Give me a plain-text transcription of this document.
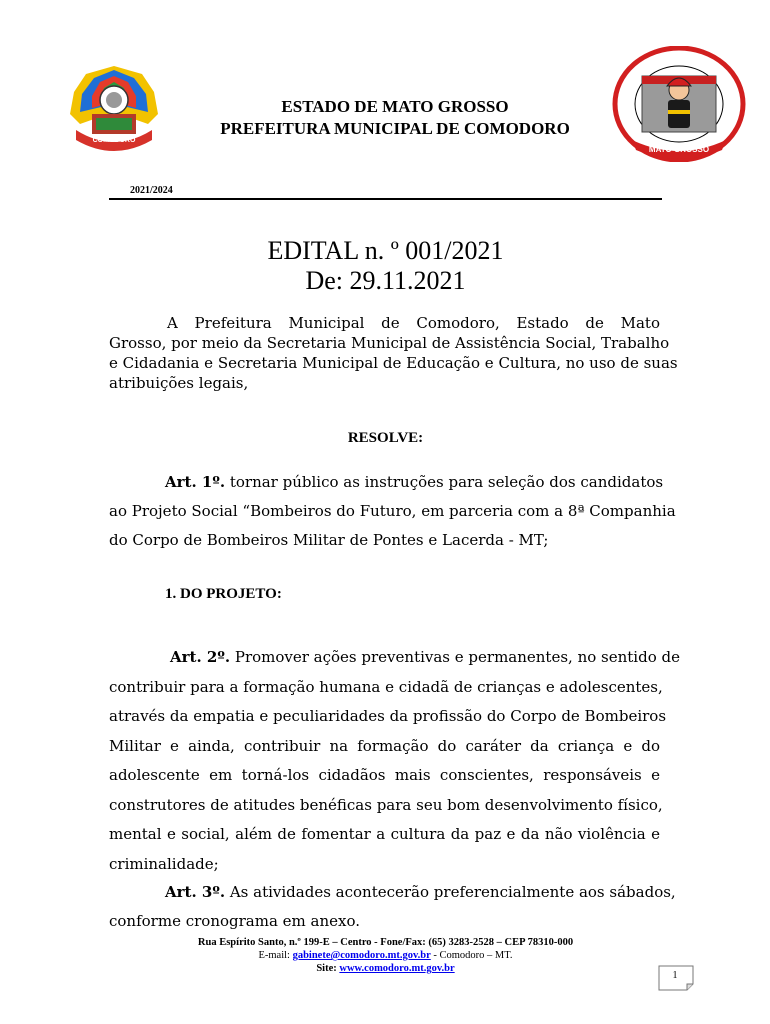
COMODORO
MATO GROSSO
ESTADO DE MATO GROSSO
PREFEITURA MUNICIPAL DE COMODORO
2021/2024
EDITAL n. º 001/2021
De: 29.11.2021
A Prefeitura Municipal de Comodoro, Estado de Mato
Grosso, por meio da Secretaria Municipal de Assistência Social, Trabalho
e Cidadania e Secretaria Municipal de Educação e Cultura, no uso de suas
atribuições legais,
RESOLVE:
Art. 1º. tornar público as instruções para seleção dos candidatos
ao Projeto Social “Bombeiros do Futuro, em parceria com a 8ª Companhia
do Corpo de Bombeiros Militar de Pontes e Lacerda - MT;
1. DO PROJETO:
Art. 2º. Promover ações preventivas e permanentes, no sentido de
contribuir para a formação humana e cidadã de crianças e adolescentes,
através da empatia e peculiaridades da profissão do Corpo de Bombeiros
Militar e ainda, contribuir na formação do caráter da criança e do
adolescente em torná-los cidadãos mais conscientes, responsáveis e
construtores de atitudes benéficas para seu bom desenvolvimento físico,
mental e social, além de fomentar a cultura da paz e da não violência e
criminalidade;
Art. 3º. As atividades acontecerão preferencialmente aos sábados,
conforme cronograma em anexo.
Rua Espírito Santo, n.º 199-E – Centro - Fone/Fax: (65) 3283-2528 – CEP 78310-000
E-mail: gabinete@comodoro.mt.gov.br - Comodoro – MT.
Site: www.comodoro.mt.gov.br
1
